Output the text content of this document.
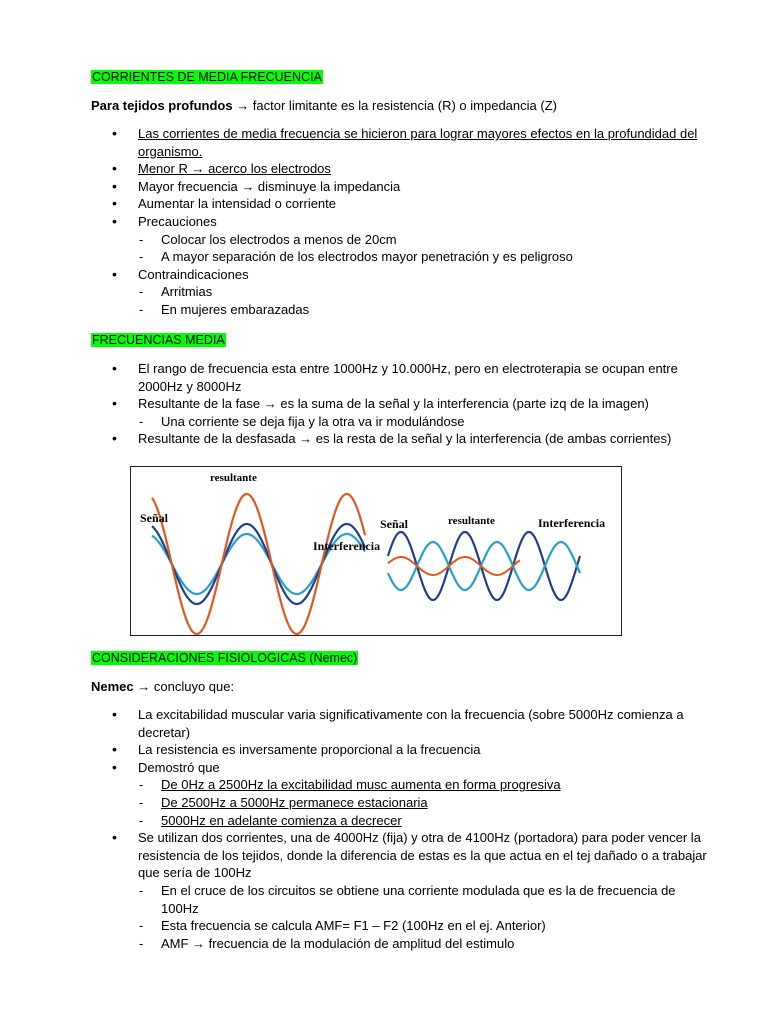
CORRIENTES DE MEDIA FRECUENCIA
Para tejidos profundos → factor limitante es la resistencia (R) o impedancia (Z)
• Las corrientes de media frecuencia se hicieron para lograr mayores efectos en la profundidad del organismo.
• Menor R → acerco los electrodos
• Mayor frecuencia → disminuye la impedancia
• Aumentar la intensidad o corriente
• Precauciones
- Colocar los electrodos a menos de 20cm
- A mayor separación de los electrodos mayor penetración y es peligroso
• Contraindicaciones
- Arritmias
- En mujeres embarazadas
FRECUENCIAS MEDIA
• El rango de frecuencia esta entre 1000Hz y 10.000Hz, pero en electroterapia se ocupan entre 2000Hz y 8000Hz
• Resultante de la fase → es la suma de la señal y la interferencia (parte izq de la imagen)
- Una corriente se deja fija y la otra va ir modulándose
• Resultante de la desfasada → es la resta de la señal y la interferencia (de ambas corrientes)
resultante
Señal
Interferencia
Señal	resultante	Interferencia
CONSIDERACIONES FISIOLOGICAS (Nemec)
Nemec → concluyo que:
• La excitabilidad muscular varia significativamente con la frecuencia (sobre 5000Hz comienza a decretar)
• La resistencia es inversamente proporcional a la frecuencia
• Demostró que
- De 0Hz a 2500Hz la excitabilidad musc aumenta en forma progresiva
- De 2500Hz a 5000Hz permanece estacionaria
- 5000Hz en adelante comienza a decrecer
• Se utilizan dos corrientes, una de 4000Hz (fija) y otra de 4100Hz (portadora) para poder vencer la resistencia de los tejidos, donde la diferencia de estas es la que actua en el tej dañado o a trabajar que sería de 100Hz
- En el cruce de los circuitos se obtiene una corriente modulada que es la de frecuencia de 100Hz
- Esta frecuencia se calcula AMF= F1 – F2 (100Hz en el ej. Anterior)
- AMF → frecuencia de la modulación de amplitud del estimulo
